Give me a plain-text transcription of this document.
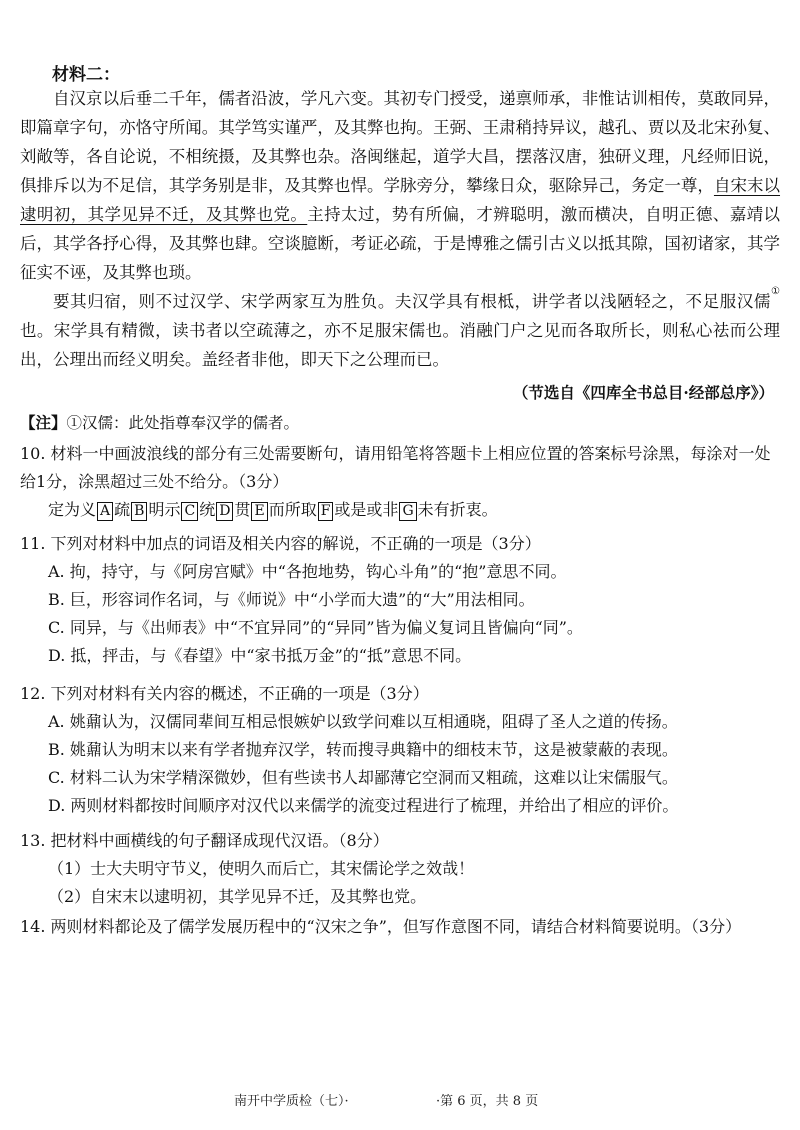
材料二：

自汉京以后垂二千年，儒者沿波，学凡六变。其初专门授受，递禀师承，非惟诂训相传，莫敢同异，即篇章字句，亦恪守所闻。其学笃实谨严，及其弊也拘。王弼、王肃稍持异议，越孔、贾以及北宋孙复、刘敞等，各自论说，不相统摄，及其弊也杂。洛闽继起，道学大昌，摆落汉唐，独研义理，凡经师旧说，俱排斥以为不足信，其学务别是非，及其弊也悍。学脉旁分，攀缘日众，驱除异己，务定一尊，自宋末以逮明初，其学见异不迁，及其弊也党。主持太过，势有所偏，才辨聪明，激而横决，自明正德、嘉靖以后，其学各抒心得，及其弊也肆。空谈臆断，考证必疏，于是博雅之儒引古义以抵其隙，国初诸家，其学征实不诬，及其弊也琐。

要其归宿，则不过汉学、宋学两家互为胜负。夫汉学具有根柢，讲学者以浅陋轻之，不足服汉儒①也。宋学具有精微，读书者以空疏薄之，亦不足服宋儒也。消融门户之见而各取所长，则私心祛而公理出，公理出而经义明矣。盖经者非他，即天下之公理而已。

（节选自《四库全书总目·经部总序》）
【注】①汉儒：此处指尊奉汉学的儒者。

10. 材料一中画波浪线的部分有三处需要断句，请用铅笔将答题卡上相应位置的答案标号涂黑，每涂对一处给1分，涂黑超过三处不给分。（3分）

定为义 A 疏 B 明示 C 统 D 贯 E 而所取 F 或是或非 G 未有折衷。

11. 下列对材料中加点的词语及相关内容的解说，不正确的一项是（3分）

A. 拘，持守，与《阿房宫赋》中“各抱地势，钩心斗角”的“抱”意思不同。

B. 巨，形容词作名词，与《师说》中“小学而大遗”的“大”用法相同。

C. 同异，与《出师表》中“不宜异同”的“异同”皆为偏义复词且皆偏向“同”。

D. 抵，抨击，与《春望》中“家书抵万金”的“抵”意思不同。

12. 下列对材料有关内容的概述，不正确的一项是（3分）

A. 姚鼐认为，汉儒同辈间互相忌恨嫉妒以致学问难以互相通晓，阻碍了圣人之道的传扬。

B. 姚鼐认为明末以来有学者抛弃汉学，转而搜寻典籍中的细枝末节，这是被蒙蔽的表现。

C. 材料二认为宋学精深微妙，但有些读书人却鄙薄它空洞而又粗疏，这难以让宋儒服气。

D. 两则材料都按时间顺序对汉代以来儒学的流变过程进行了梳理，并给出了相应的评价。

13. 把材料中画横线的句子翻译成现代汉语。（8分）

（1）士大夫明守节义，使明久而后亡，其宋儒论学之效哉！

（2）自宋末以逮明初，其学见异不迁，及其弊也党。

14. 两则材料都论及了儒学发展历程中的“汉宋之争”，但写作意图不同，请结合材料简要说明。（3分）

南开中学质检（七）·	·第 6 页，共 8 页
